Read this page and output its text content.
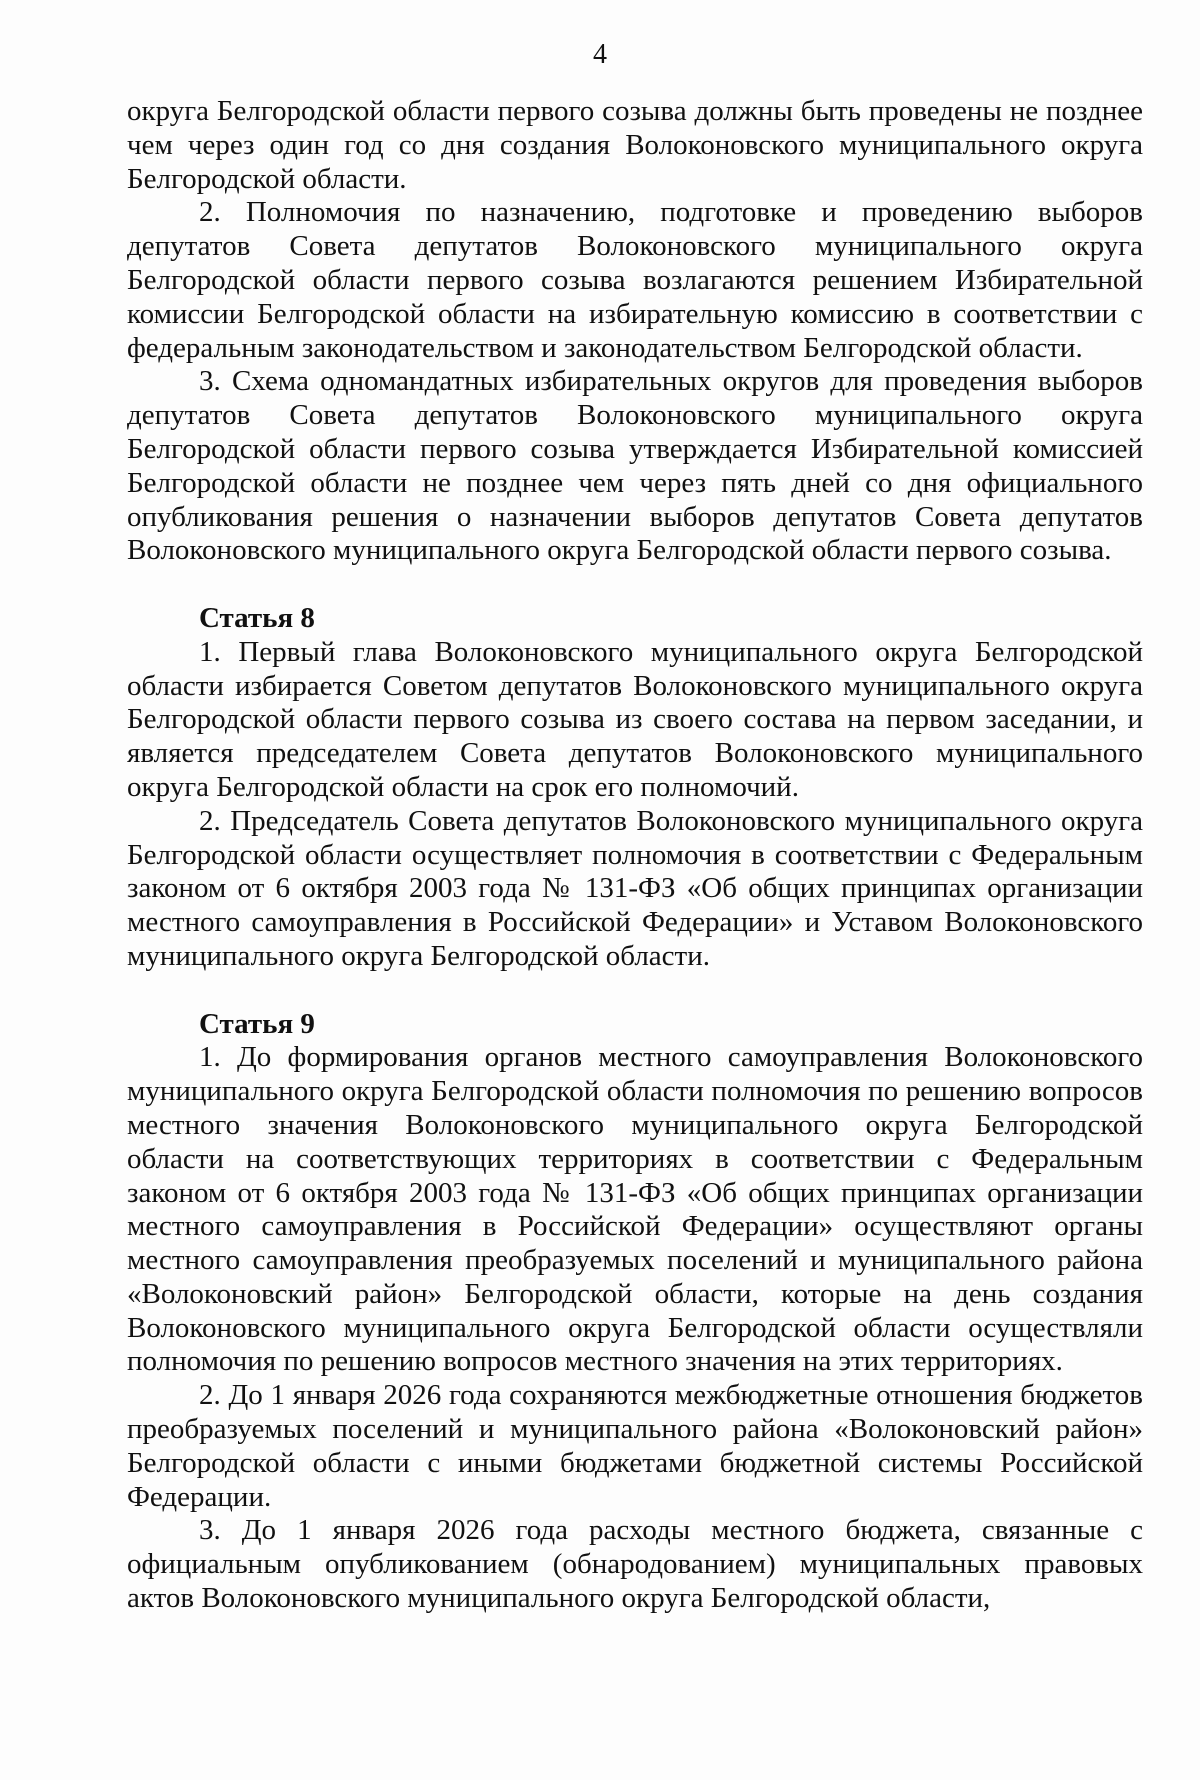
4

округа Белгородской области первого созыва должны быть проведены не позднее чем через один год со дня создания Волоконовского муниципального округа Белгородской области.

2. Полномочия по назначению, подготовке и проведению выборов депутатов Совета депутатов Волоконовского муниципального округа Белгородской области первого созыва возлагаются решением Избирательной комиссии Белгородской области на избирательную комиссию в соответствии с федеральным законодательством и законодательством Белгородской области.

3. Схема одномандатных избирательных округов для проведения выборов депутатов Совета депутатов Волоконовского муниципального округа Белгородской области первого созыва утверждается Избирательной комиссией Белгородской области не позднее чем через пять дней со дня официального опубликования решения о назначении выборов депутатов Совета депутатов Волоконовского муниципального округа Белгородской области первого созыва.

Статья 8

1. Первый глава Волоконовского муниципального округа Белгородской области избирается Советом депутатов Волоконовского муниципального округа Белгородской области первого созыва из своего состава на первом заседании, и является председателем Совета депутатов Волоконовского муниципального округа Белгородской области на срок его полномочий.

2. Председатель Совета депутатов Волоконовского муниципального округа Белгородской области осуществляет полномочия в соответствии с Федеральным законом от 6 октября 2003 года № 131-ФЗ «Об общих принципах организации местного самоуправления в Российской Федерации» и Уставом Волоконовского муниципального округа Белгородской области.

Статья 9

1. До формирования органов местного самоуправления Волоконовского муниципального округа Белгородской области полномочия по решению вопросов местного значения Волоконовского муниципального округа Белгородской области на соответствующих территориях в соответствии с Федеральным законом от 6 октября 2003 года № 131-ФЗ «Об общих принципах организации местного самоуправления в Российской Федерации» осуществляют органы местного самоуправления преобразуемых поселений и муниципального района «Волоконовский район» Белгородской области, которые на день создания Волоконовского муниципального округа Белгородской области осуществляли полномочия по решению вопросов местного значения на этих территориях.

2. До 1 января 2026 года сохраняются межбюджетные отношения бюджетов преобразуемых поселений и муниципального района «Волоконовский район» Белгородской области с иными бюджетами бюджетной системы Российской Федерации.

3. До 1 января 2026 года расходы местного бюджета, связанные с официальным опубликованием (обнародованием) муниципальных правовых актов Волоконовского муниципального округа Белгородской области,
